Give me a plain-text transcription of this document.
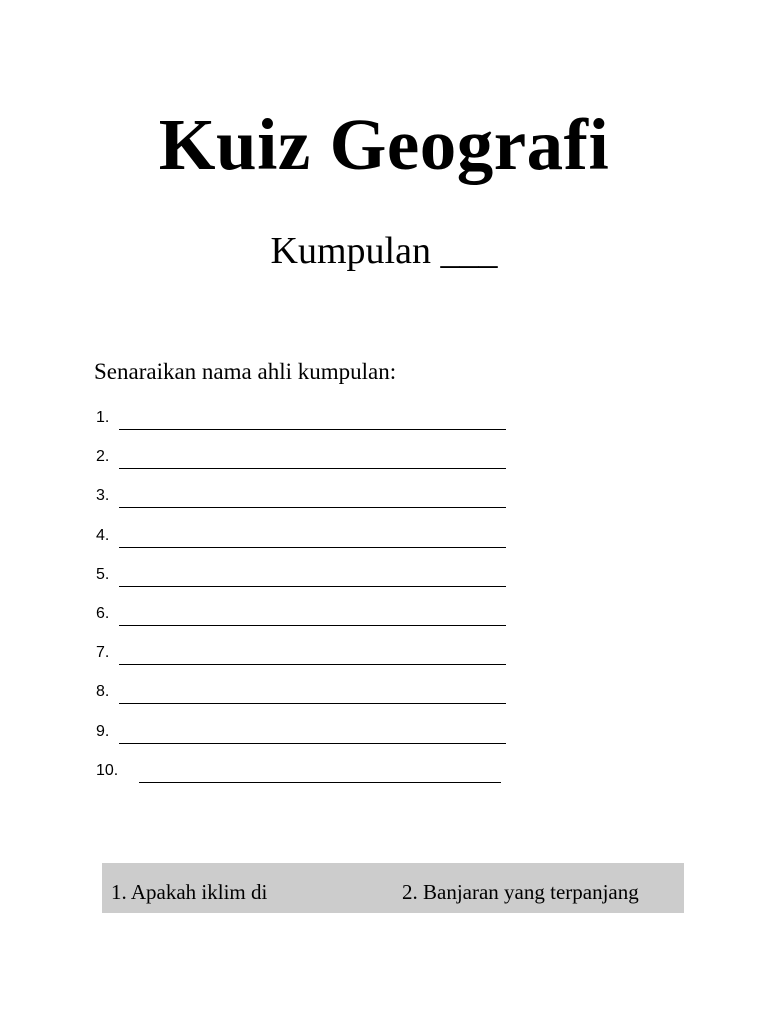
Kuiz Geografi
Kumpulan ___
Senaraikan nama ahli kumpulan:
1.
2.
3.
4.
5.
6.
7.
8.
9.
10.
1. Apakah iklim di	2. Banjaran yang terpanjang
